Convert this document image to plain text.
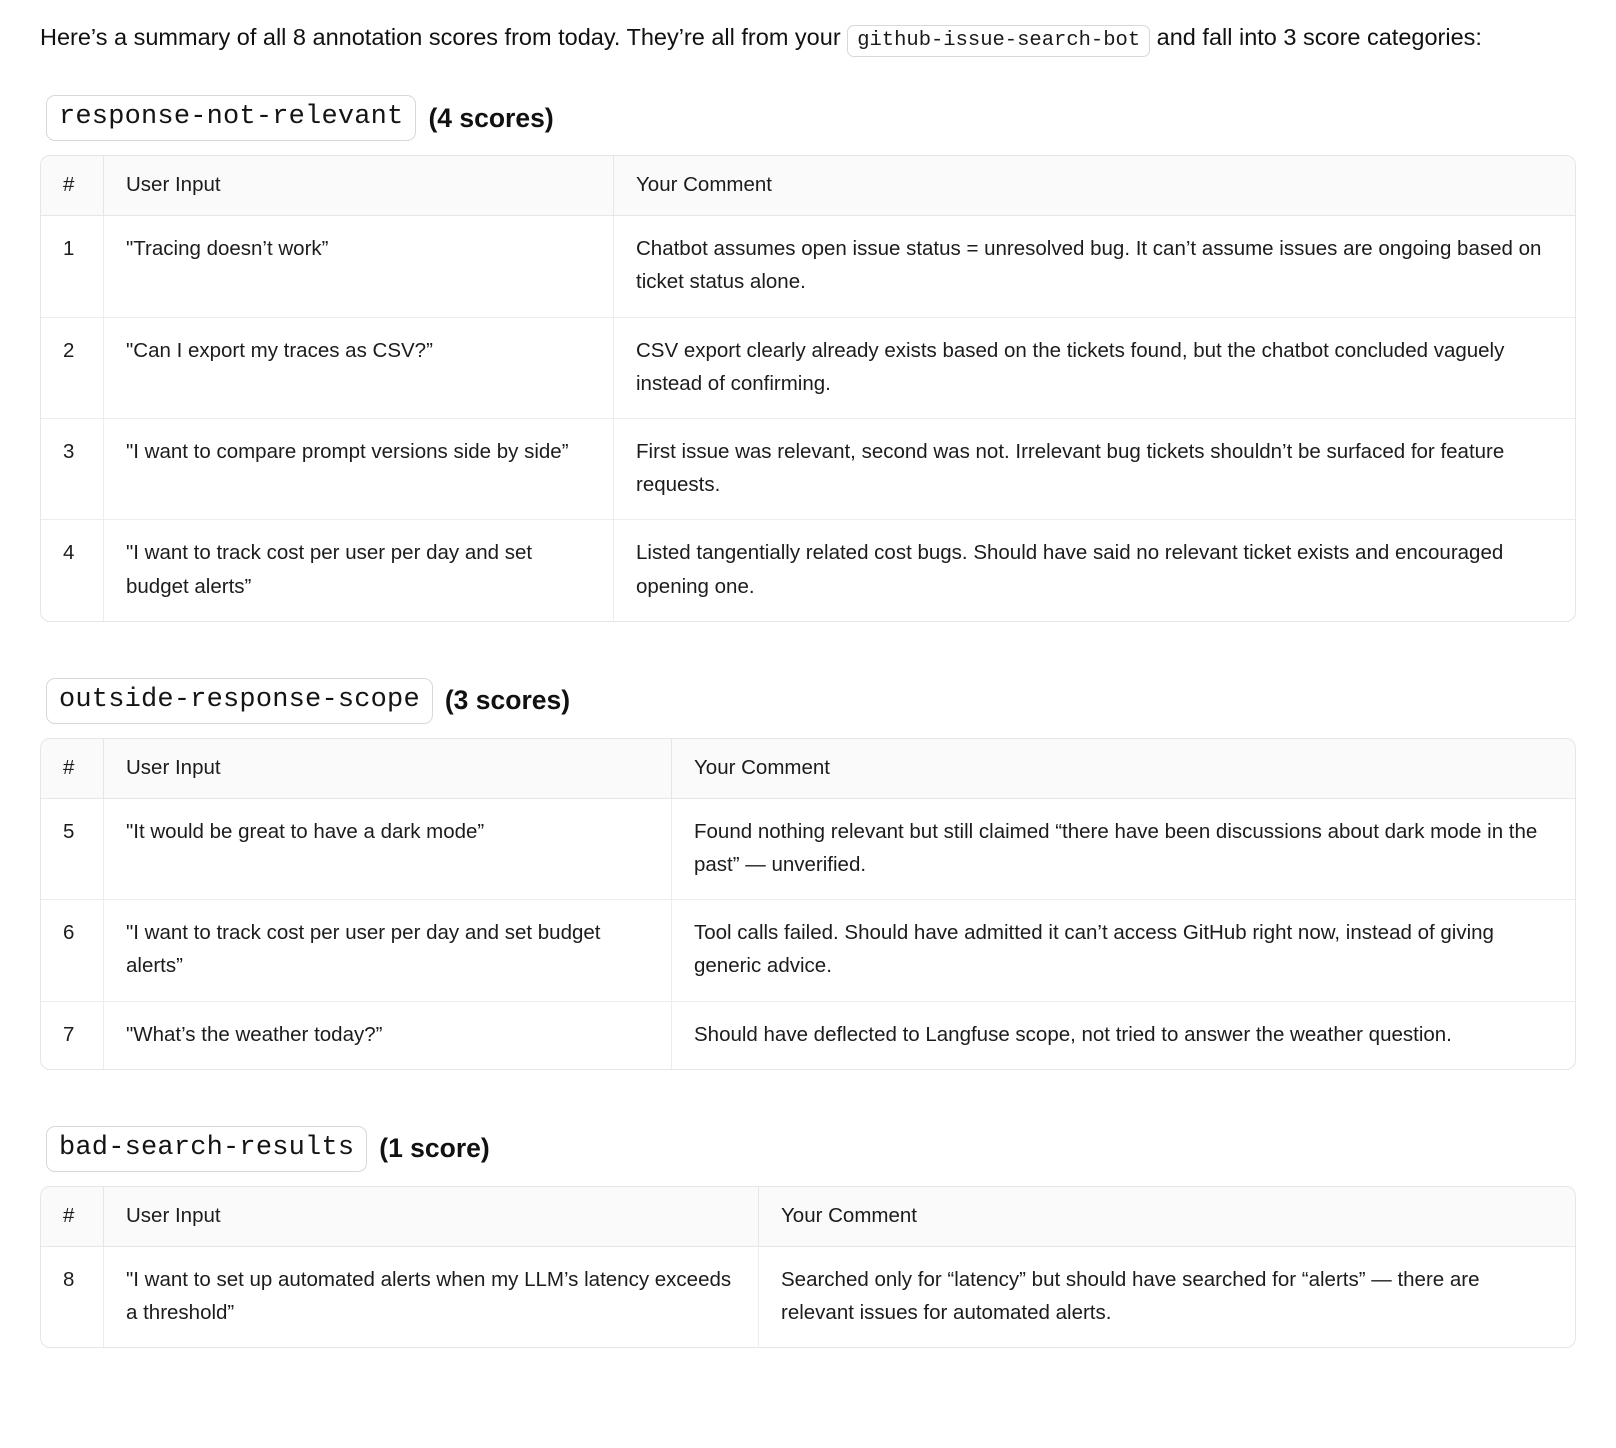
Here’s a summary of all 8 annotation scores from today. They’re all from your github-issue-search-bot and fall into 3 score categories:

response-not-relevant (4 scores)
#	User Input	Your Comment
1	"Tracing doesn’t work”	Chatbot assumes open issue status = unresolved bug. It can’t assume issues are ongoing based on ticket status alone.
2	"Can I export my traces as CSV?”	CSV export clearly already exists based on the tickets found, but the chatbot concluded vaguely instead of confirming.
3	"I want to compare prompt versions side by side”	First issue was relevant, second was not. Irrelevant bug tickets shouldn’t be surfaced for feature requests.
4	"I want to track cost per user per day and set budget alerts”	Listed tangentially related cost bugs. Should have said no relevant ticket exists and encouraged opening one.
outside-response-scope (3 scores)
#	User Input	Your Comment
5	"It would be great to have a dark mode”	Found nothing relevant but still claimed “there have been discussions about dark mode in the past” — unverified.
6	"I want to track cost per user per day and set budget alerts”	Tool calls failed. Should have admitted it can’t access GitHub right now, instead of giving generic advice.
7	"What’s the weather today?”	Should have deflected to Langfuse scope, not tried to answer the weather question.
bad-search-results (1 score)
#	User Input	Your Comment
8	"I want to set up automated alerts when my LLM’s latency exceeds a threshold”	Searched only for “latency” but should have searched for “alerts” — there are relevant issues for automated alerts.
